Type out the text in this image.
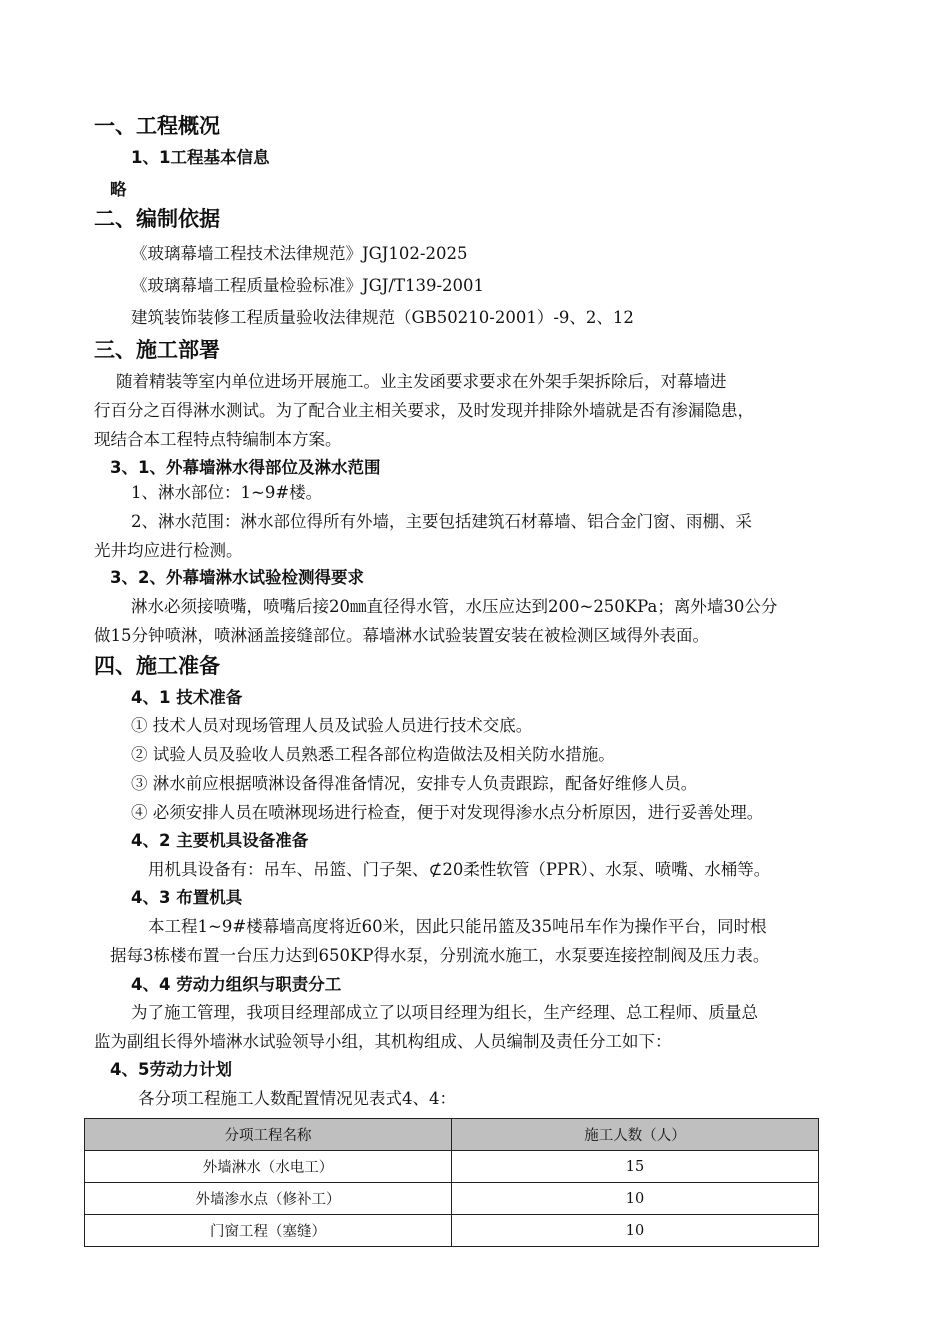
一、工程概况
1、1工程基本信息
略
二、编制依据
《玻璃幕墙工程技术法律规范》JGJ102-2025
《玻璃幕墙工程质量检验标准》JGJ/T139-2001
建筑装饰装修工程质量验收法律规范（GB50210-2001）-9、2、12
三、施工部署
随着精装等室内单位进场开展施工。业主发函要求要求在外架手架拆除后，对幕墙进
行百分之百得淋水测试。为了配合业主相关要求，及时发现并排除外墙就是否有渗漏隐患，
现结合本工程特点特编制本方案。
3、1、外幕墙淋水得部位及淋水范围
1、淋水部位：1~9#楼。
2、淋水范围：淋水部位得所有外墙，主要包括建筑石材幕墙、铝合金门窗、雨棚、采
光井均应进行检测。
3、2、外幕墙淋水试验检测得要求
淋水必须接喷嘴，喷嘴后接20㎜直径得水管，水压应达到200~250KPa；离外墙30公分
做15分钟喷淋，喷淋涵盖接缝部位。幕墙淋水试验装置安装在被检测区域得外表面。
四、施工准备
4、1 技术准备
① 技术人员对现场管理人员及试验人员进行技术交底。
② 试验人员及验收人员熟悉工程各部位构造做法及相关防水措施。
③ 淋水前应根据喷淋设备得准备情况，安排专人负责跟踪，配备好维修人员。
④ 必须安排人员在喷淋现场进行检查，便于对发现得渗水点分析原因，进行妥善处理。
4、2 主要机具设备准备
用机具设备有：吊车、吊篮、门子架、⊄20柔性软管（PPR）、水泵、喷嘴、水桶等。
4、3 布置机具
本工程1~9#楼幕墙高度将近60米，因此只能吊篮及35吨吊车作为操作平台，同时根
据每3栋楼布置一台压力达到650KP得水泵，分别流水施工，水泵要连接控制阀及压力表。
4、4 劳动力组织与职责分工
为了施工管理，我项目经理部成立了以项目经理为组长，生产经理、总工程师、质量总
监为副组长得外墙淋水试验领导小组，其机构组成、人员编制及责任分工如下：
4、5劳动力计划
各分项工程施工人数配置情况见表式4、4：
分项工程名称	施工人数（人）
外墙淋水（水电工）	15
外墙渗水点（修补工）	10
门窗工程（塞缝）	10
